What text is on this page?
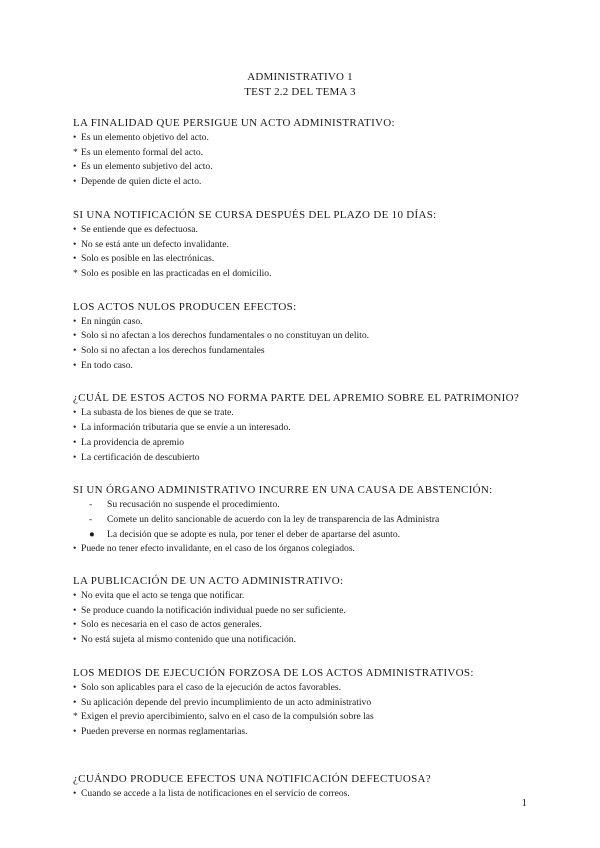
ADMINISTRATIVO 1
TEST 2.2 DEL TEMA 3
LA FINALIDAD QUE PERSIGUE UN ACTO ADMINISTRATIVO:
• Es un elemento objetivo del acto.
* Es un elemento formal del acto.
• Es un elemento subjetivo del acto.
• Depende de quien dicte el acto.
SI UNA NOTIFICACIÓN SE CURSA DESPUÉS DEL PLAZO DE 10 DÍAS:
• Se entiende que es defectuosa.
• No se está ante un defecto invalidante.
• Solo es posible en las electrónicas.
* Solo es posible en las practicadas en el domicilio.
LOS ACTOS NULOS PRODUCEN EFECTOS:
• En ningún caso.
• Solo si no afectan a los derechos fundamentales o no constituyan un delito.
• Solo si no afectan a los derechos fundamentales
• En todo caso.
¿CUÁL DE ESTOS ACTOS NO FORMA PARTE DEL APREMIO SOBRE EL PATRIMONIO?
• La subasta de los bienes de que se trate.
• La información tributaria que se envíe a un interesado.
• La providencia de apremio
• La certificación de descubierto
SI UN ÓRGANO ADMINISTRATIVO INCURRE EN UNA CAUSA DE ABSTENCIÓN:
- Su recusación no suspende el procedimiento.
- Comete un delito sancionable de acuerdo con la ley de transparencia de las Administra
● La decisión que se adopte es nula, por tener el deber de apartarse del asunto.
• Puede no tener efecto invalidante, en el caso de los órganos colegiados.
LA PUBLICACIÓN DE UN ACTO ADMINISTRATIVO:
• No evita que el acto se tenga que notificar.
• Se produce cuando la notificación individual puede no ser suficiente.
• Solo es necesaria en el caso de actos generales.
• No está sujeta al mismo contenido que una notificación.
LOS MEDIOS DE EJECUCIÓN FORZOSA DE LOS ACTOS ADMINISTRATIVOS:
• Solo son aplicables para el caso de la ejecución de actos favorables.
• Su aplicación depende del previo incumplimiento de un acto administrativo
* Exigen el previo apercibimiento, salvo en el caso de la compulsión sobre las
• Pueden preverse en normas reglamentarias.
¿CUÁNDO PRODUCE EFECTOS UNA NOTIFICACIÓN DEFECTUOSA?
• Cuando se accede a la lista de notificaciones en el servicio de correos.
1
